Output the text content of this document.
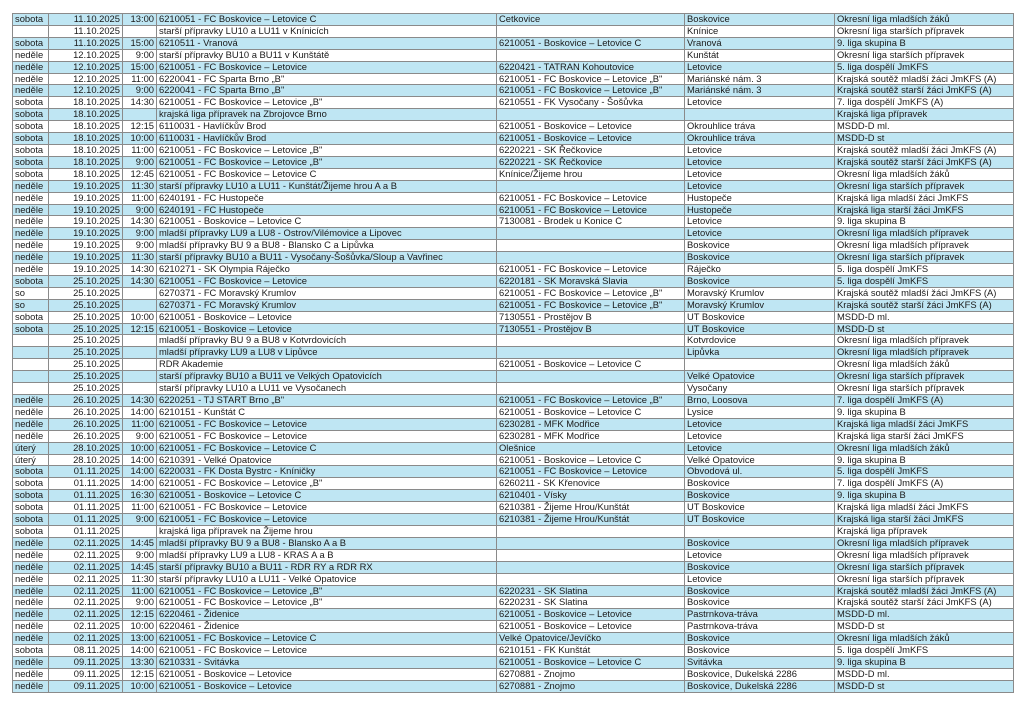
sobota	11.10.2025	13:00	6210051 - FC Boskovice – Letovice C	Cetkovice	Boskovice	Okresní liga mladších žáků
	11.10.2025		starší přípravky LU10 a LU11 v Knínicích		Knínice	Okresní liga starších přípravek
sobota	11.10.2025	15:00	6210511 - Vranová	6210051 - Boskovice – Letovice C	Vranová	9. liga skupina B
neděle	12.10.2025	9:00	starší přípravky BU10 a BU11 v Kunštátě		Kunštát	Okresní liga starších přípravek
neděle	12.10.2025	15:00	6210051 - FC Boskovice – Letovice	6220421 - TATRAN Kohoutovice	Letovice	5. liga dospělí JmKFS
neděle	12.10.2025	11:00	6220041 - FC Sparta Brno „B"	6210051 - FC Boskovice – Letovice „B"	Mariánské nám. 3	Krajská soutěž mladší žáci JmKFS (A)
neděle	12.10.2025	9:00	6220041 - FC Sparta Brno „B"	6210051 - FC Boskovice – Letovice „B"	Mariánské nám. 3	Krajská soutěž starší žáci JmKFS (A)
sobota	18.10.2025	14:30	6210051 - FC Boskovice – Letovice „B"	6210551 - FK Vysočany - Šošůvka	Letovice	7. liga dospělí JmKFS (A)
sobota	18.10.2025		krajská liga přípravek na Zbrojovce Brno			Krajská liga přípravek
sobota	18.10.2025	12:15	6110031 - Havlíčkův Brod	6210051 - Boskovice – Letovice	Okrouhlice tráva	MSDD-D ml.
sobota	18.10.2025	10:00	6110031 - Havlíčkův Brod	6210051 - Boskovice – Letovice	Okrouhlice tráva	MSDD-D st
sobota	18.10.2025	11:00	6210051 - FC Boskovice – Letovice „B"	6220221 - SK Řečkovice	Letovice	Krajská soutěž mladší žáci JmKFS (A)
sobota	18.10.2025	9:00	6210051 - FC Boskovice – Letovice „B"	6220221 - SK Řečkovice	Letovice	Krajská soutěž starší žáci JmKFS (A)
sobota	18.10.2025	12:45	6210051 - FC Boskovice – Letovice C	Knínice/Žijeme hrou	Letovice	Okresní liga mladších žáků
neděle	19.10.2025	11:30	starší přípravky LU10 a LU11 - Kunštát/Žijeme hrou A a B		Letovice	Okresní liga starších přípravek
neděle	19.10.2025	11:00	6240191 - FC Hustopeče	6210051 - FC Boskovice – Letovice	Hustopeče	Krajská liga mladší žáci JmKFS
neděle	19.10.2025	9:00	6240191 - FC Hustopeče	6210051 - FC Boskovice – Letovice	Hustopeče	Krajská liga starší žáci JmKFS
neděle	19.10.2025	14:30	6210051 - Boskovice – Letovice C	7130081 - Brodek u Konice C	Letovice	9. liga skupina B
neděle	19.10.2025	9:00	mladší přípravky LU9 a LU8 - Ostrov/Vilémovice a Lipovec		Letovice	Okresní liga mladších přípravek
neděle	19.10.2025	9:00	mladší přípravky BU 9 a BU8 - Blansko C a Lipůvka		Boskovice	Okresní liga mladších přípravek
neděle	19.10.2025	11:30	starší přípravky BU10 a BU11 - Vysočany-Šošůvka/Sloup a Vavřinec		Boskovice	Okresní liga starších přípravek
neděle	19.10.2025	14:30	6210271 - SK Olympia Ráječko	6210051 - FC Boskovice – Letovice	Ráječko	5. liga dospělí JmKFS
sobota	25.10.2025	14:30	6210051 - FC Boskovice – Letovice	6220181 - SK Moravská Slavia	Boskovice	5. liga dospělí JmKFS
so	25.10.2025		6270371 - FC Moravský Krumlov	6210051 - FC Boskovice – Letovice „B"	Moravský Krumlov	Krajská soutěž mladší žáci JmKFS (A)
so	25.10.2025		6270371 - FC Moravský Krumlov	6210051 - FC Boskovice – Letovice „B"	Moravský Krumlov	Krajská soutěž starší žáci JmKFS (A)
sobota	25.10.2025	10:00	6210051 - Boskovice – Letovice	7130551 - Prostějov B	UT Boskovice	MSDD-D ml.
sobota	25.10.2025	12:15	6210051 - Boskovice – Letovice	7130551 - Prostějov B	UT Boskovice	MSDD-D st
	25.10.2025		mladší přípravky BU 9 a BU8 v Kotvrdovicích		Kotvrdovice	Okresní liga mladších přípravek
	25.10.2025		mladší přípravky LU9 a LU8 v Lipůvce		Lipůvka	Okresní liga mladších přípravek
	25.10.2025		RDR Akademie	6210051 - Boskovice – Letovice C		Okresní liga mladších žáků
	25.10.2025		starší přípravky BU10 a BU11 ve Velkých Opatovicích		Velké Opatovice	Okresní liga starších přípravek
	25.10.2025		starší přípravky LU10 a LU11 ve Vysočanech		Vysočany	Okresní liga starších přípravek
neděle	26.10.2025	14:30	6220251 - TJ START Brno „B"	6210051 - FC Boskovice – Letovice „B"	Brno, Loosova	7. liga dospělí JmKFS (A)
neděle	26.10.2025	14:00	6210151 - Kunštát C	6210051 - Boskovice – Letovice C	Lysice	9. liga skupina B
neděle	26.10.2025	11:00	6210051 - FC Boskovice – Letovice	6230281 - MFK Modřice	Letovice	Krajská liga mladší žáci JmKFS
neděle	26.10.2025	9:00	6210051 - FC Boskovice – Letovice	6230281 - MFK Modřice	Letovice	Krajská liga starší žáci JmKFS
úterý	28.10.2025	10:00	6210051 - FC Boskovice – Letovice C	Olešnice	Letovice	Okresní liga mladších žáků
úterý	28.10.2025	14:00	6210391 - Velké Opatovice	6210051 - Boskovice – Letovice C	Velké Opatovice	9. liga skupina B
sobota	01.11.2025	14:00	6220031 - FK Dosta Bystrc - Kníničky	6210051 - FC Boskovice – Letovice	Obvodová ul.	5. liga dospělí JmKFS
sobota	01.11.2025	14:00	6210051 - FC Boskovice – Letovice „B"	6260211 - SK Křenovice	Boskovice	7. liga dospělí JmKFS (A)
sobota	01.11.2025	16:30	6210051 - Boskovice – Letovice C	6210401 - Vísky	Boskovice	9. liga skupina B
sobota	01.11.2025	11:00	6210051 - FC Boskovice – Letovice	6210381 - Žijeme Hrou/Kunštát	UT Boskovice	Krajská liga mladší žáci JmKFS
sobota	01.11.2025	9:00	6210051 - FC Boskovice – Letovice	6210381 - Žijeme Hrou/Kunštát	UT Boskovice	Krajská liga starší žáci JmKFS
sobota	01.11.2025		krajská liga přípravek na Žijeme hrou			Krajská liga přípravek
neděle	02.11.2025	14:45	mladší přípravky BU 9 a BU8 - Blansko A a B		Boskovice	Okresní liga mladších přípravek
neděle	02.11.2025	9:00	mladší přípravky LU9 a LU8 - KRAS A a B		Letovice	Okresní liga mladších přípravek
neděle	02.11.2025	14:45	starší přípravky BU10 a BU11 - RDR RY a RDR RX		Boskovice	Okresní liga starších přípravek
neděle	02.11.2025	11:30	starší přípravky LU10 a LU11 - Velké Opatovice		Letovice	Okresní liga starších přípravek
neděle	02.11.2025	11:00	6210051 - FC Boskovice – Letovice „B"	6220231 - SK Slatina	Boskovice	Krajská soutěž mladší žáci JmKFS (A)
neděle	02.11.2025	9:00	6210051 - FC Boskovice – Letovice „B"	6220231 - SK Slatina	Boskovice	Krajská soutěž starší žáci JmKFS (A)
neděle	02.11.2025	12:15	6220461 - Židenice	6210051 - Boskovice – Letovice	Pastrnkova-tráva	MSDD-D ml.
neděle	02.11.2025	10:00	6220461 - Židenice	6210051 - Boskovice – Letovice	Pastrnkova-tráva	MSDD-D st
neděle	02.11.2025	13:00	6210051 - FC Boskovice – Letovice C	Velké Opatovice/Jevíčko	Boskovice	Okresní liga mladších žáků
sobota	08.11.2025	14:00	6210051 - FC Boskovice – Letovice	6210151 - FK Kunštát	Boskovice	5. liga dospělí JmKFS
neděle	09.11.2025	13:30	6210331 - Svitávka	6210051 - Boskovice – Letovice C	Svitávka	9. liga skupina B
neděle	09.11.2025	12:15	6210051 - Boskovice – Letovice	6270881 - Znojmo	Boskovice, Dukelská 2286	MSDD-D ml.
neděle	09.11.2025	10:00	6210051 - Boskovice – Letovice	6270881 - Znojmo	Boskovice, Dukelská 2286	MSDD-D st
